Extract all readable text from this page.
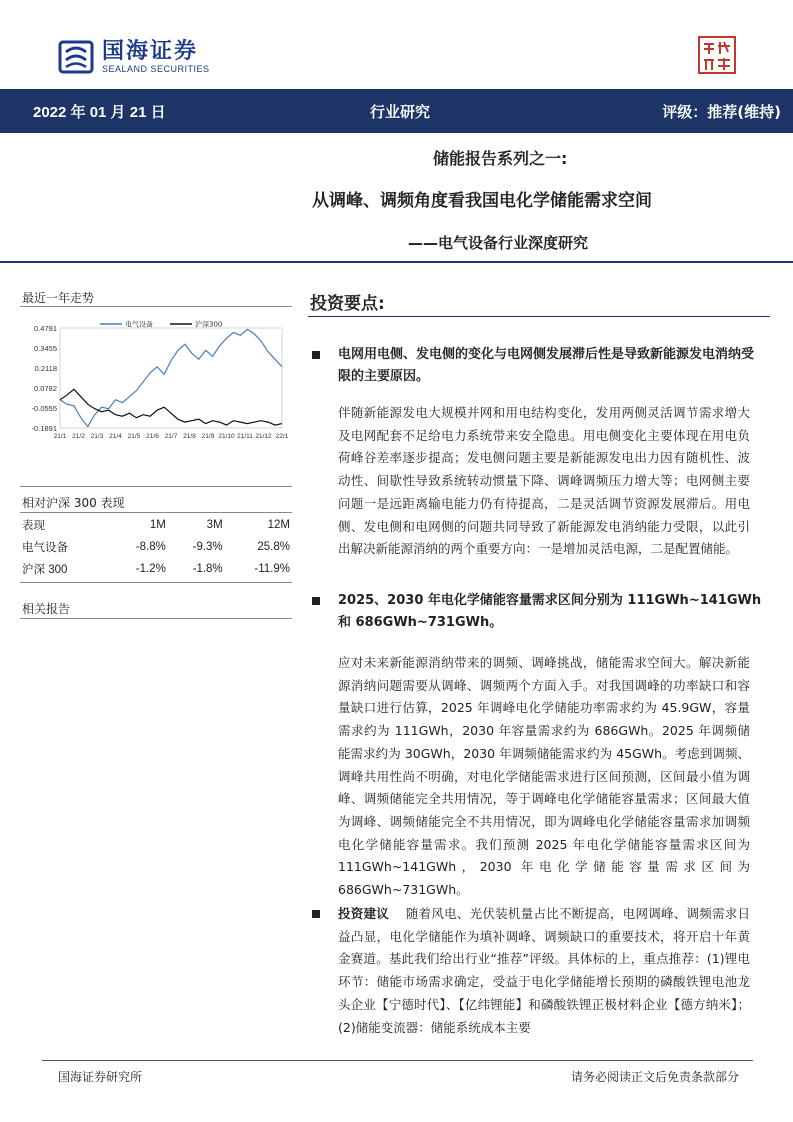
国海证券
SEALAND SECURITIES
2022 年 01 月 21 日	行业研究	评级：推荐(维持)
储能报告系列之一:
从调峰、调频角度看我国电化学储能需求空间
——电气设备行业深度研究
最近一年走势
0.4791
0.3455
0.2118
0.0782
-0.0555
-0.1891
21/1 21/2 21/3 21/4 21/5 21/6 21/7 21/8 21/9 21/10 21/11 21/12 22/1
电气设备	沪深300
相对沪深 300 表现
表现	1M	3M	12M
电气设备	-8.8%	-9.3%	25.8%
沪深 300	-1.2%	-1.8%	-11.9%
相关报告
投资要点:
电网用电侧、发电侧的变化与电网侧发展滞后性是导致新能源发电消纳受限的主要原因。
伴随新能源发电大规模并网和用电结构变化，发用两侧灵活调节需求增大及电网配套不足给电力系统带来安全隐患。用电侧变化主要体现在用电负荷峰谷差率逐步提高；发电侧问题主要是新能源发电出力因有随机性、波动性、间歇性导致系统转动惯量下降、调峰调频压力增大等；电网侧主要问题一是远距离输电能力仍有待提高，二是灵活调节资源发展滞后。用电侧、发电侧和电网侧的问题共同导致了新能源发电消纳能力受限，以此引出解决新能源消纳的两个重要方向：一是增加灵活电源，二是配置储能。
2025、2030 年电化学储能容量需求区间分别为 111GWh~141GWh 和 686GWh~731GWh。
应对未来新能源消纳带来的调频、调峰挑战，储能需求空间大。解决新能源消纳问题需要从调峰、调频两个方面入手。对我国调峰的功率缺口和容量缺口进行估算，2025 年调峰电化学储能功率需求约为 45.9GW，容量需求约为 111GWh，2030 年容量需求约为 686GWh。2025 年调频储能需求约为 30GWh，2030 年调频储能需求约为 45GWh。考虑到调频、调峰共用性尚不明确，对电化学储能需求进行区间预测，区间最小值为调峰、调频储能完全共用情况，等于调峰电化学储能容量需求；区间最大值为调峰、调频储能完全不共用情况，即为调峰电化学储能容量需求加调频电化学储能容量需求。我们预测 2025 年电化学储能容量需求区间为 111GWh~141GWh，2030 年电化学储能容量需求区间为 686GWh~731GWh。
投资建议 随着风电、光伏装机量占比不断提高，电网调峰、调频需求日益凸显，电化学储能作为填补调峰、调频缺口的重要技术，将开启十年黄金赛道。基此我们给出行业“推荐”评级。具体标的上，重点推荐：(1)锂电环节：储能市场需求确定，受益于电化学储能增长预期的磷酸铁锂电池龙头企业【宁德时代】、【亿纬锂能】和磷酸铁锂正极材料企业【德方纳米】；(2)储能变流器：储能系统成本主要
国海证券研究所	请务必阅读正文后免责条款部分
